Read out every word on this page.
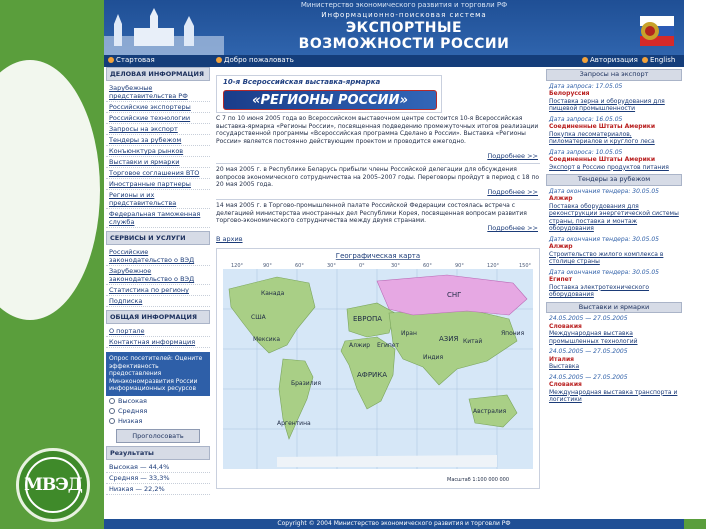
МВЭД
Министерство экономического развития и торговли РФ
Информационно-поисковая система
ЭКСПОРТНЫЕ
ВОЗМОЖНОСТИ РОССИИ
Стартовая	Добро пожаловать	Авторизация English
ДЕЛОВАЯ ИНФОРМАЦИЯ
Зарубежные представительства РФ
Российские экспортеры
Российские технологии
Запросы на экспорт
Тендеры за рубежом
Конъюнктура рынков
Выставки и ярмарки
Торговое соглашения ВТО
Иностранные партнеры
Регионы и их представительства
Федеральная таможенная служба
СЕРВИСЫ И УСЛУГИ
Российские законодательство о ВЭД
Зарубежное законодательство о ВЭД
Статистика по региону
Подписка
ОБЩАЯ ИНФОРМАЦИЯ
О портале
Контактная информация
Опрос посетителей: Оцените эффективность предоставления Минэкономразвития России информационных ресурсов
Высокая
Средняя
Низкая
Проголосовать
Результаты
Высокая — 44,4%
Средняя — 33,3%
Низкая — 22,2%
10-я Всероссийская выставка-ярмарка
«РЕГИОНЫ РОССИИ»
С 7 по 10 июня 2005 года во Всероссийском выставочном центре состоится 10-я Всероссийская выставка-ярмарка «Регионы России», посвященная подведению промежуточных итогов реализации государственной программы «Всероссийская программа Сделано в России». Выставка «Регионы России» является постоянно действующим проектом и проводится ежегодно.
Подробнее >>
20 мая 2005 г. в Республике Беларусь прибыли члены Российской делегации для обсуждения вопросов экономического сотрудничества на 2005–2007 годы. Переговоры пройдут в период с 18 по 20 мая 2005 года.
Подробнее >>
14 мая 2005 г. в Торгово-промышленной палате Российской Федерации состоялась встреча с делегацией министерства иностранных дел Республики Корея, посвященная вопросам развития торгово-экономического сотрудничества между двумя странами.
Подробнее >>
В архив
Географическая карта
120°	90°	60°	30°	0°	30°	60°	90°	120°	150°
СНГ
ЕВРОПА
АЗИЯ
США
Канада
Мексика
Бразилия
Аргентина
АФРИКА
Алжир Египет
Иран
Индия
Китай
Япония
Австралия
Масштаб 1:100 000 000
Запросы на экспорт
Дата запроса: 17.05.05
Белоруссия
Поставка зерна и оборудования для пищевой промышленности
Дата запроса: 16.05.05
Соединенные Штаты Америки
Покупка лесоматериалов, пиломатериалов и круглого леса
Дата запроса: 10.05.05
Соединенные Штаты Америки
Экспорт в Россию продуктов питания
Тендеры за рубежом
Дата окончания тендера: 30.05.05
Алжир
Поставка оборудования для реконструкции энергетической системы страны, поставка и монтаж оборудования
Дата окончания тендера: 30.05.05
Алжир
Строительство жилого комплекса в столице страны
Дата окончания тендера: 30.05.05
Египет
Поставка электротехнического оборудования
Выставки и ярмарки
24.05.2005 — 27.05.2005
Словакия
Международная выставка промышленных технологий
24.05.2005 — 27.05.2005
Италия
Выставка
24.05.2005 — 27.05.2005
Словакия
Международная выставка транспорта и логистики
Copyright © 2004 Министерство экономического развития и торговли РФ
